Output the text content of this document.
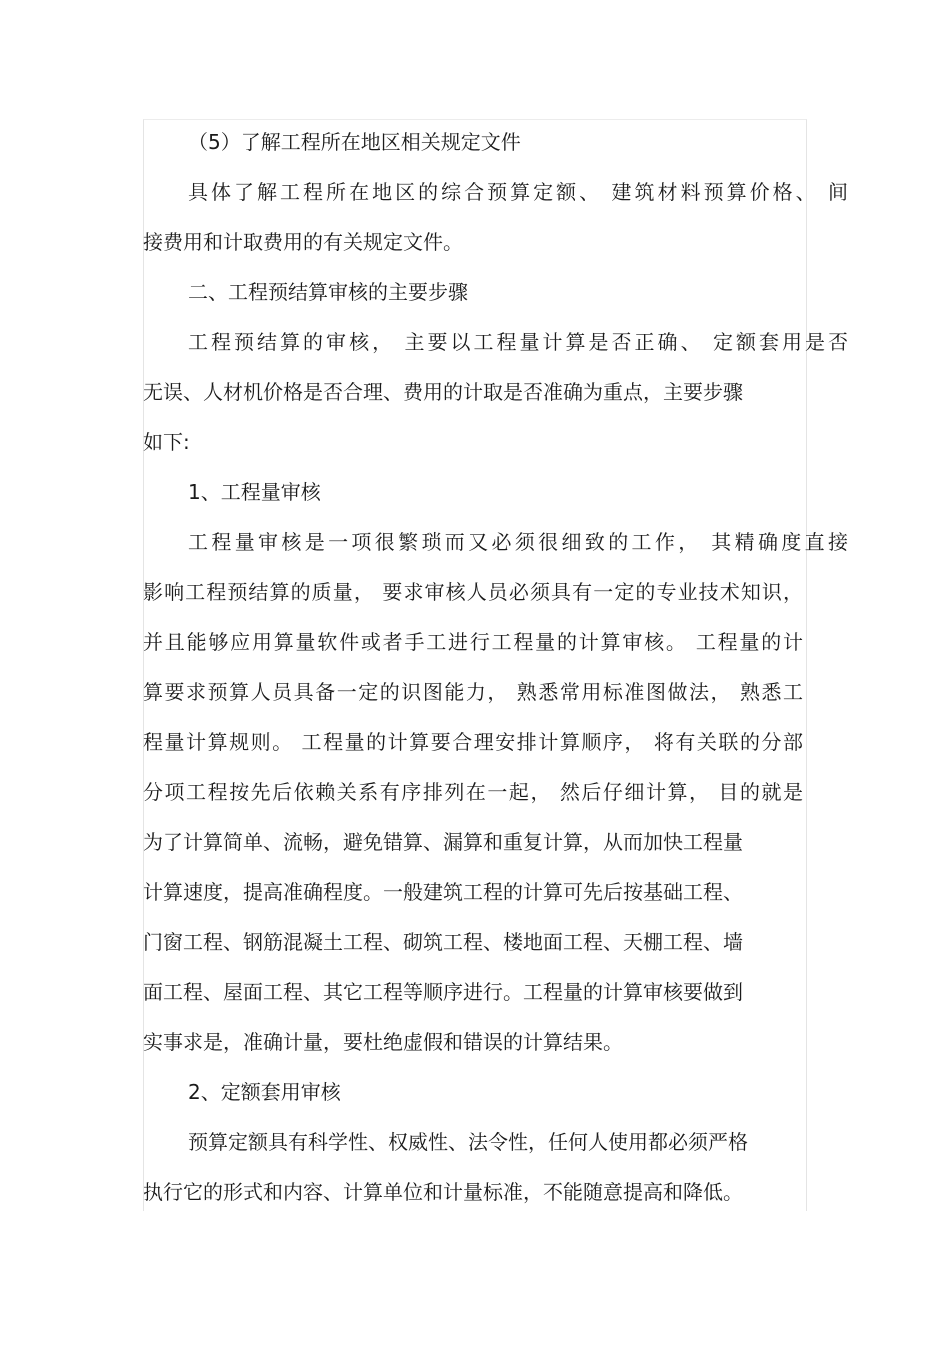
（5）了解工程所在地区相关规定文件
具体了解工程所在地区的综合预算定额、 建筑材料预算价格、 间
接费用和计取费用的有关规定文件。
二、工程预结算审核的主要步骤
工程预结算的审核， 主要以工程量计算是否正确、 定额套用是否
无误、人材机价格是否合理、费用的计取是否准确为重点，主要步骤
如下:
1、工程量审核
工程量审核是一项很繁琐而又必须很细致的工作， 其精确度直接
影响工程预结算的质量， 要求审核人员必须具有一定的专业技术知识，
并且能够应用算量软件或者手工进行工程量的计算审核。 工程量的计
算要求预算人员具备一定的识图能力， 熟悉常用标准图做法， 熟悉工
程量计算规则。 工程量的计算要合理安排计算顺序， 将有关联的分部
分项工程按先后依赖关系有序排列在一起， 然后仔细计算， 目的就是
为了计算简单、流畅，避免错算、漏算和重复计算，从而加快工程量
计算速度，提高准确程度。一般建筑工程的计算可先后按基础工程、
门窗工程、钢筋混凝土工程、砌筑工程、楼地面工程、天棚工程、墙
面工程、屋面工程、其它工程等顺序进行。工程量的计算审核要做到
实事求是，准确计量，要杜绝虚假和错误的计算结果。
2、定额套用审核
预算定额具有科学性、权威性、法令性，任何人使用都必须严格
执行它的形式和内容、计算单位和计量标准，不能随意提高和降低。
